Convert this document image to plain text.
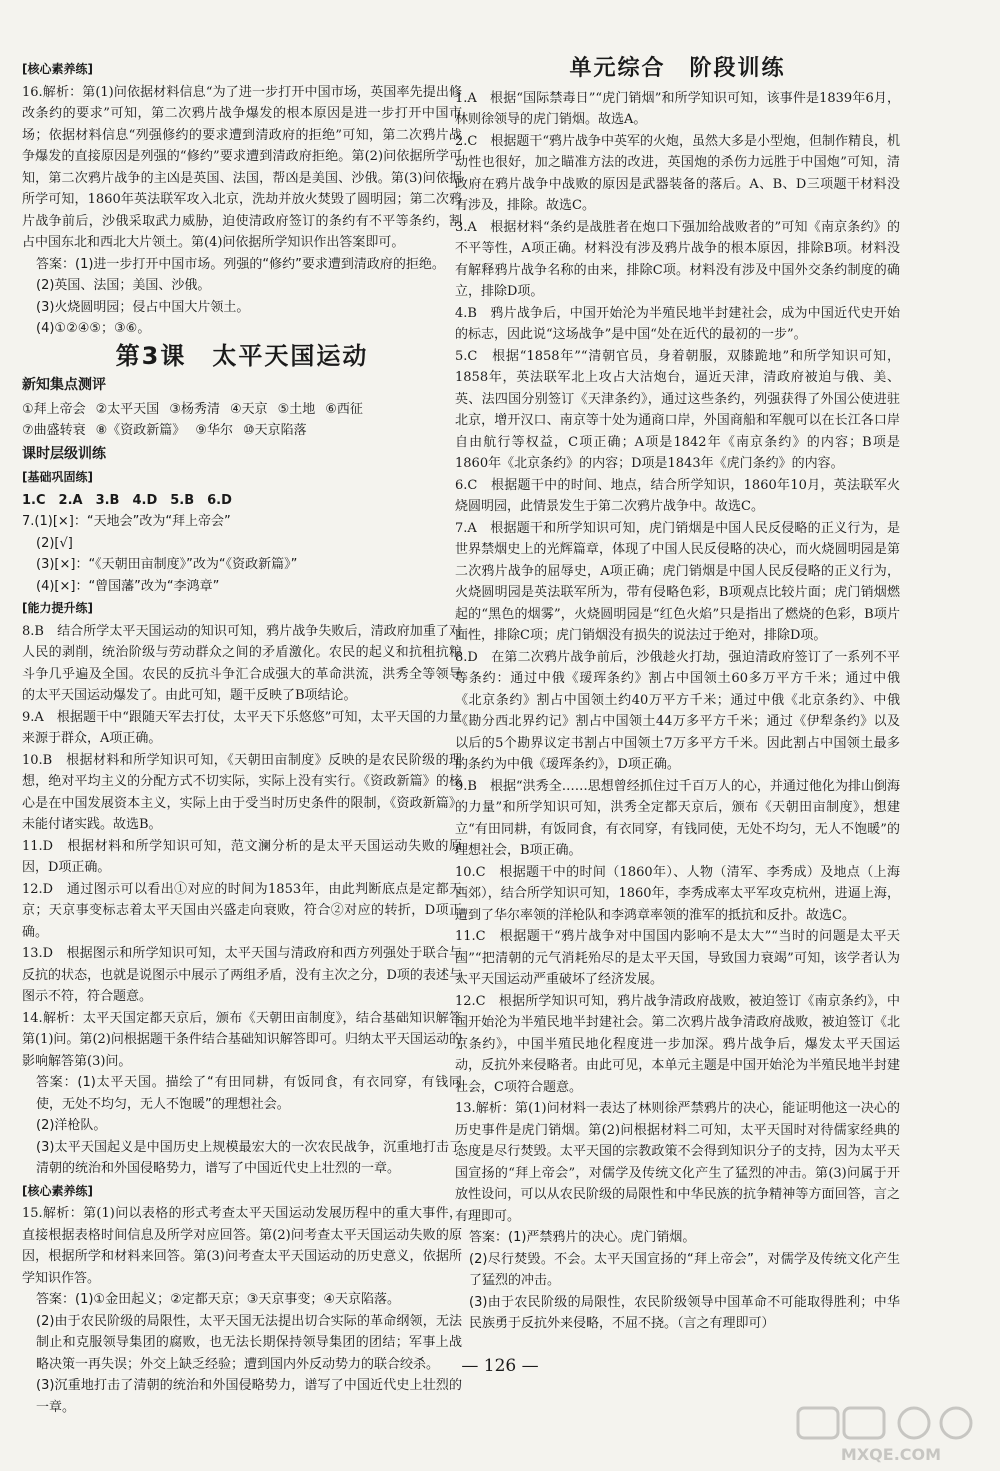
[核心素养练]
16.解析：第(1)问依据材料信息“为了进一步打开中国市场，英国率先提出修改条约的要求”可知，第二次鸦片战争爆发的根本原因是进一步打开中国市场；依据材料信息“列强修约的要求遭到清政府的拒绝”可知，第二次鸦片战争爆发的直接原因是列强的“修约”要求遭到清政府拒绝。第(2)问依据所学可知，第二次鸦片战争的主凶是英国、法国，帮凶是美国、沙俄。第(3)问依据所学可知，1860年英法联军攻入北京，洗劫并放火焚毁了圆明园；第二次鸦片战争前后，沙俄采取武力威胁，迫使清政府签订的条约有不平等条约，割占中国东北和西北大片领土。第(4)问依据所学知识作出答案即可。
答案：(1)进一步打开中国市场。列强的“修约”要求遭到清政府的拒绝。
(2)英国、法国；美国、沙俄。
(3)火烧圆明园；侵占中国大片领土。
(4)①②④⑤；③⑥。
第3课　太平天国运动
新知集点测评
①拜上帝会 ②太平天国 ③杨秀清 ④天京 ⑤土地 ⑥西征
⑦曲盛转衰 ⑧《资政新篇》 ⑨华尔 ⑩天京陷落
课时层级训练
[基础巩固练]
1.C　2.A　3.B　4.D　5.B　6.D
7.(1)[×]：“天地会”改为“拜上帝会”
(2)[√]
(3)[×]：“《天朝田亩制度》”改为“《资政新篇》”
(4)[×]：“曾国藩”改为“李鸿章”
[能力提升练]
8.B　结合所学太平天国运动的知识可知，鸦片战争失败后，清政府加重了对人民的剥削，统治阶级与劳动群众之间的矛盾激化。农民的起义和抗租抗粮斗争几乎遍及全国。农民的反抗斗争汇合成强大的革命洪流，洪秀全等领导的太平天国运动爆发了。由此可知，题干反映了B项结论。
9.A　根据题干中“跟随天军去打仗，太平天下乐悠悠”可知，太平天国的力量来源于群众，A项正确。
10.B　根据材料和所学知识可知，《天朝田亩制度》反映的是农民阶级的理想，绝对平均主义的分配方式不切实际，实际上没有实行。《资政新篇》的核心是在中国发展资本主义，实际上由于受当时历史条件的限制，《资政新篇》未能付诸实践。故选B。
11.D　根据材料和所学知识可知，范文澜分析的是太平天国运动失败的原因，D项正确。
12.D　通过图示可以看出①对应的时间为1853年，由此判断底点是定都天京；天京事变标志着太平天国由兴盛走向衰败，符合②对应的转折，D项正确。
13.D　根据图示和所学知识可知，太平天国与清政府和西方列强处于联合与反抗的状态，也就是说图示中展示了两组矛盾，没有主次之分，D项的表述与图示不符，符合题意。
14.解析：太平天国定都天京后，颁布《天朝田亩制度》，结合基础知识解答第(1)问。第(2)问根据题干条件结合基础知识解答即可。归纳太平天国运动的影响解答第(3)问。
答案：(1)太平天国。描绘了“有田同耕，有饭同食，有衣同穿，有钱同使，无处不均匀，无人不饱暖”的理想社会。
(2)洋枪队。
(3)太平天国起义是中国历史上规模最宏大的一次农民战争，沉重地打击了清朝的统治和外国侵略势力，谱写了中国近代史上壮烈的一章。
[核心素养练]
15.解析：第(1)问以表格的形式考查太平天国运动发展历程中的重大事件，直接根据表格时间信息及所学对应回答。第(2)问考查太平天国运动失败的原因，根据所学和材料来回答。第(3)问考查太平天国运动的历史意义，依据所学知识作答。
答案：(1)①金田起义；②定都天京；③天京事变；④天京陷落。
(2)由于农民阶级的局限性，太平天国无法提出切合实际的革命纲领，无法制止和克服领导集团的腐败，也无法长期保持领导集团的团结；军事上战略决策一再失误；外交上缺乏经验；遭到国内外反动势力的联合绞杀。
(3)沉重地打击了清朝的统治和外国侵略势力，谱写了中国近代史上壮烈的一章。
单元综合　阶段训练
1.A　根据“国际禁毒日”“虎门销烟”和所学知识可知，该事件是1839年6月，林则徐领导的虎门销烟。故选A。
2.C　根据题干“鸦片战争中英军的火炮，虽然大多是小型炮，但制作精良，机动性也很好，加之瞄准方法的改进，英国炮的杀伤力远胜于中国炮”可知，清政府在鸦片战争中战败的原因是武器装备的落后。A、B、D三项题干材料没有涉及，排除。故选C。
3.A　根据材料“条约是战胜者在炮口下强加给战败者的”可知《南京条约》的不平等性，A项正确。材料没有涉及鸦片战争的根本原因，排除B项。材料没有解释鸦片战争名称的由来，排除C项。材料没有涉及中国外交条约制度的确立，排除D项。
4.B　鸦片战争后，中国开始沦为半殖民地半封建社会，成为中国近代史开始的标志，因此说“这场战争”是中国“处在近代的最初的一步”。
5.C　根据“1858年”“清朝官员，身着朝服，双膝跪地”和所学知识可知，1858年，英法联军北上攻占大沽炮台，逼近天津，清政府被迫与俄、美、英、法四国分别签订《天津条约》，通过这些条约，列强获得了外国公使进驻北京，增开汉口、南京等十处为通商口岸，外国商船和军舰可以在长江各口岸自由航行等权益，C项正确；A项是1842年《南京条约》的内容；B项是1860年《北京条约》的内容；D项是1843年《虎门条约》的内容。
6.C　根据题干中的时间、地点，结合所学知识，1860年10月，英法联军火烧圆明园，此情景发生于第二次鸦片战争中。故选C。
7.A　根据题干和所学知识可知，虎门销烟是中国人民反侵略的正义行为，是世界禁烟史上的光辉篇章，体现了中国人民反侵略的决心，而火烧圆明园是第二次鸦片战争的屈辱史，A项正确；虎门销烟是中国人民反侵略的正义行为，火烧圆明园是英法联军所为，带有侵略色彩，B项观点比较片面；虎门销烟燃起的“黑色的烟雾”，火烧圆明园是“红色火焰”只是指出了燃烧的色彩，B项片面性，排除C项；虎门销烟没有损失的说法过于绝对，排除D项。
8.D　在第二次鸦片战争前后，沙俄趁火打劫，强迫清政府签订了一系列不平等条约：通过中俄《瑷珲条约》割占中国领土60多万平方千米；通过中俄《北京条约》割占中国领土约40万平方千米；通过中俄《北京条约》、中俄《勘分西北界约记》割占中国领土44万多平方千米；通过《伊犁条约》以及以后的5个勘界议定书割占中国领土7万多平方千米。因此割占中国领土最多的条约为中俄《瑷珲条约》，D项正确。
9.B　根据“洪秀全……思想曾经抓住过千百万人的心，并通过他化为排山倒海的力量”和所学知识可知，洪秀全定都天京后，颁布《天朝田亩制度》，想建立“有田同耕，有饭同食，有衣同穿，有钱同使，无处不均匀，无人不饱暖”的理想社会，B项正确。
10.C　根据题干中的时间（1860年）、人物（清军、李秀成）及地点（上海西郊），结合所学知识可知，1860年，李秀成率太平军攻克杭州，进逼上海，遭到了华尔率领的洋枪队和李鸿章率领的淮军的抵抗和反扑。故选C。
11.C　根据题干“鸦片战争对中国国内影响不是太大”“当时的问题是太平天国”“把清朝的元气消耗殆尽的是太平天国，导致国力衰竭”可知，该学者认为太平天国运动严重破坏了经济发展。
12.C　根据所学知识可知，鸦片战争清政府战败，被迫签订《南京条约》，中国开始沦为半殖民地半封建社会。第二次鸦片战争清政府战败，被迫签订《北京条约》，中国半殖民地化程度进一步加深。鸦片战争后，爆发太平天国运动，反抗外来侵略者。由此可见，本单元主题是中国开始沦为半殖民地半封建社会，C项符合题意。
13.解析：第(1)问材料一表达了林则徐严禁鸦片的决心，能证明他这一决心的历史事件是虎门销烟。第(2)问根据材料二可知，太平天国时对待儒家经典的态度是尽行焚毁。太平天国的宗教政策不会得到知识分子的支持，因为太平天国宣扬的“拜上帝会”，对儒学及传统文化产生了猛烈的冲击。第(3)问属于开放性设问，可以从农民阶级的局限性和中华民族的抗争精神等方面回答，言之有理即可。
答案：(1)严禁鸦片的决心。虎门销烟。
(2)尽行焚毁。不会。太平天国宣扬的“拜上帝会”，对儒学及传统文化产生了猛烈的冲击。
(3)由于农民阶级的局限性，农民阶级领导中国革命不可能取得胜利；中华民族勇于反抗外来侵略，不屈不挠。（言之有理即可）
— 126 —
MXQE.COM
